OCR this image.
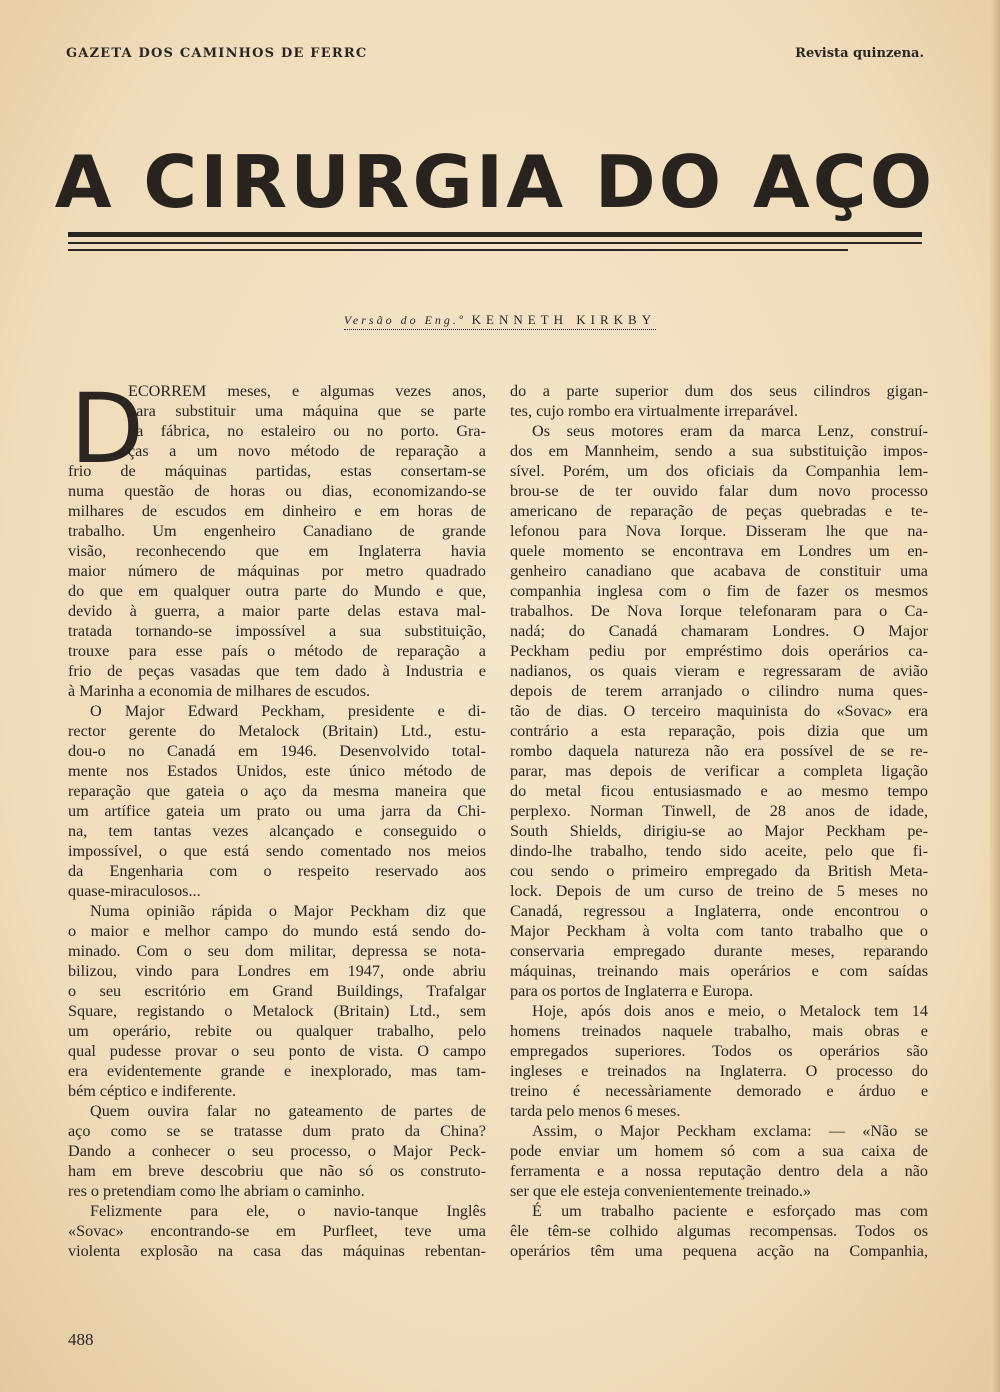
GAZETA DOS CAMINHOS DE FERRC	Revista quinzena.
A CIRURGIA DO AÇO
Versão do Eng.º KENNETH KIRKBY
D
ECORREM meses, e algumas vezes anos,
para substituir uma máquina que se parte
na fábrica, no estaleiro ou no porto. Gra-
ças a um novo método de reparação a
frio de máquinas partidas, estas consertam-se
numa questão de horas ou dias, economizando-se
milhares de escudos em dinheiro e em horas de
trabalho. Um engenheiro Canadiano de grande
visão, reconhecendo que em Inglaterra havia
maior número de máquinas por metro quadrado
do que em qualquer outra parte do Mundo e que,
devido à guerra, a maior parte delas estava mal-
tratada tornando-se impossível a sua substituição,
trouxe para esse país o método de reparação a
frio de peças vasadas que tem dado à Industria e
à Marinha a economia de milhares de escudos.
O Major Edward Peckham, presidente e di-
rector gerente do Metalock (Britain) Ltd., estu-
dou-o no Canadá em 1946. Desenvolvido total-
mente nos Estados Unidos, este único método de
reparação que gateia o aço da mesma maneira que
um artífice gateia um prato ou uma jarra da Chi-
na, tem tantas vezes alcançado e conseguido o
impossível, o que está sendo comentado nos meios
da Engenharia com o respeito reservado aos
quase-miraculosos...
Numa opinião rápida o Major Peckham diz que
o maior e melhor campo do mundo está sendo do-
minado. Com o seu dom militar, depressa se nota-
bilizou, vindo para Londres em 1947, onde abriu
o seu escritório em Grand Buildings, Trafalgar
Square, registando o Metalock (Britain) Ltd., sem
um operário, rebite ou qualquer trabalho, pelo
qual pudesse provar o seu ponto de vista. O campo
era evidentemente grande e inexplorado, mas tam-
bém céptico e indiferente.
Quem ouvira falar no gateamento de partes de
aço como se se tratasse dum prato da China?
Dando a conhecer o seu processo, o Major Peck-
ham em breve descobriu que não só os construto-
res o pretendiam como lhe abriam o caminho.
Felizmente para ele, o navio-tanque Inglês
«Sovac» encontrando-se em Purfleet, teve uma
violenta explosão na casa das máquinas rebentan-
do a parte superior dum dos seus cilindros gigan-
tes, cujo rombo era virtualmente irreparável.
Os seus motores eram da marca Lenz, construí-
dos em Mannheim, sendo a sua substituição impos-
sível. Porém, um dos oficiais da Companhia lem-
brou-se de ter ouvido falar dum novo processo
americano de reparação de peças quebradas e te-
lefonou para Nova Iorque. Disseram lhe que na-
quele momento se encontrava em Londres um en-
genheiro canadiano que acabava de constituir uma
companhia inglesa com o fim de fazer os mesmos
trabalhos. De Nova Iorque telefonaram para o Ca-
nadá; do Canadá chamaram Londres. O Major
Peckham pediu por empréstimo dois operários ca-
nadianos, os quais vieram e regressaram de avião
depois de terem arranjado o cilindro numa ques-
tão de dias. O terceiro maquinista do «Sovac» era
contrário a esta reparação, pois dizia que um
rombo daquela natureza não era possível de se re-
parar, mas depois de verificar a completa ligação
do metal ficou entusiasmado e ao mesmo tempo
perplexo. Norman Tinwell, de 28 anos de idade,
South Shields, dirigiu-se ao Major Peckham pe-
dindo-lhe trabalho, tendo sido aceite, pelo que fi-
cou sendo o primeiro empregado da British Meta-
lock. Depois de um curso de treino de 5 meses no
Canadá, regressou a Inglaterra, onde encontrou o
Major Peckham à volta com tanto trabalho que o
conservaria empregado durante meses, reparando
máquinas, treinando mais operários e com saídas
para os portos de Inglaterra e Europa.
Hoje, após dois anos e meio, o Metalock tem 14
homens treinados naquele trabalho, mais obras e
empregados superiores. Todos os operários são
ingleses e treinados na Inglaterra. O processo do
treino é necessàriamente demorado e árduo e
tarda pelo menos 6 meses.
Assim, o Major Peckham exclama: — «Não se
pode enviar um homem só com a sua caixa de
ferramenta e a nossa reputação dentro dela a não
ser que ele esteja convenientemente treinado.»
É um trabalho paciente e esforçado mas com
êle têm-se colhido algumas recompensas. Todos os
operários têm uma pequena acção na Companhia,
488
